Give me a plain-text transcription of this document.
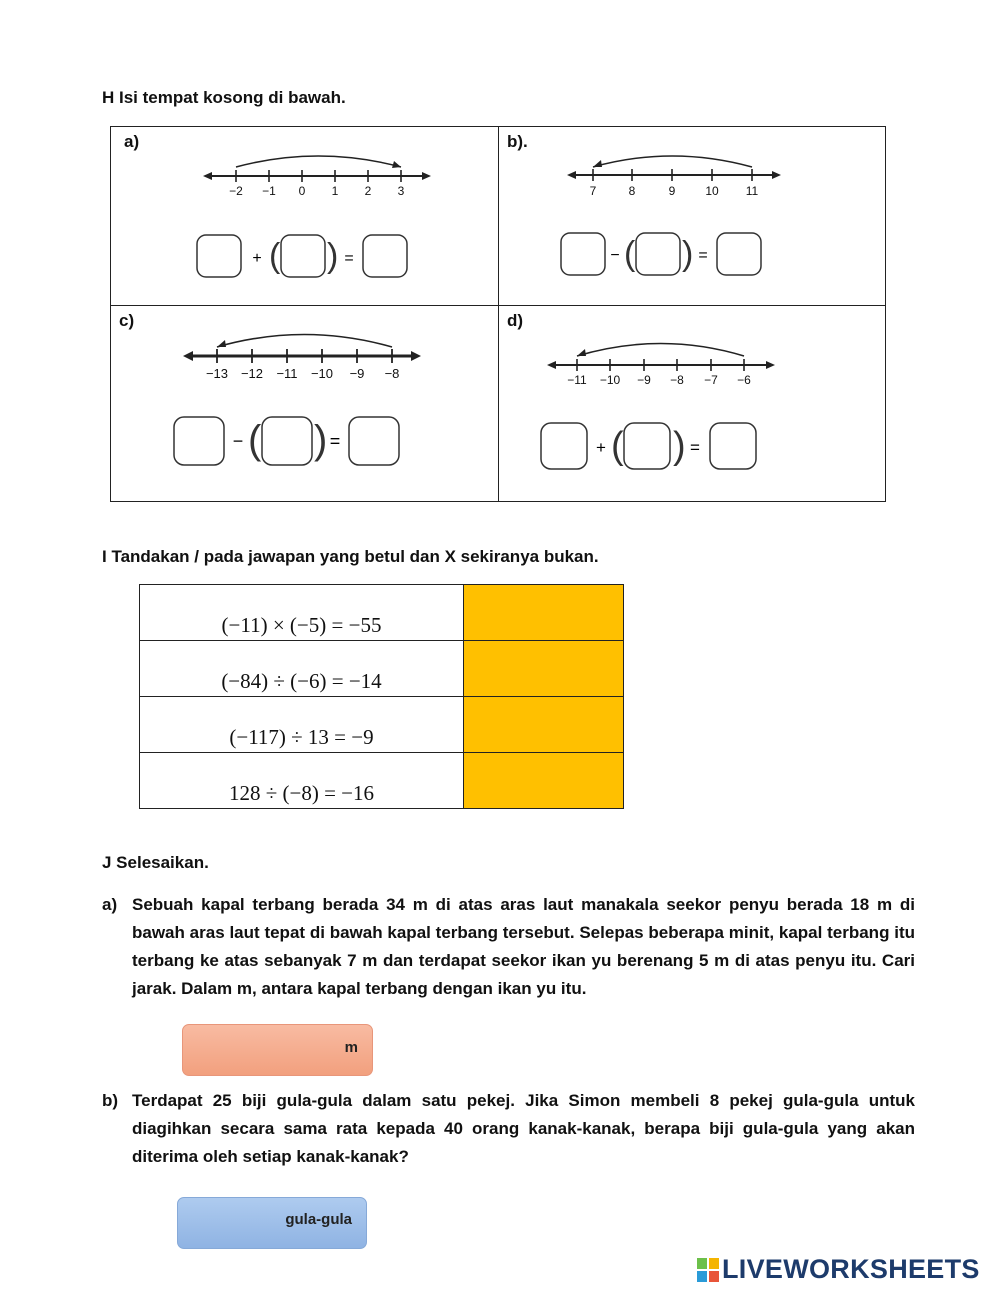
H Isi tempat kosong di bawah.
a)
−2 −1 0 1 2 3
+ ( ) =
b).
7	8	9 10 11
− ( ) =
c)
−13 −12 −11 −10 −9 −8
− ( ) =
d)
−11 −10 −9 −8 −7 −6
+ ( ) =
I Tandakan / pada jawapan yang betul dan X sekiranya bukan.
(−11) × (−5) = −55
(−84) ÷ (−6) = −14
(−117) ÷ 13 = −9
128 ÷ (−8) = −16
J Selesaikan.
a) Sebuah kapal terbang berada 34 m di atas aras laut manakala seekor penyu berada 18 m di bawah aras laut tepat di bawah kapal terbang tersebut. Selepas beberapa minit, kapal terbang itu terbang ke atas sebanyak 7 m dan terdapat seekor ikan yu berenang 5 m di atas penyu itu. Cari jarak. Dalam m, antara kapal terbang dengan ikan yu itu.
m
b) Terdapat 25 biji gula-gula dalam satu pekej. Jika Simon membeli 8 pekej gula-gula untuk diagihkan secara sama rata kepada 40 orang kanak-kanak, berapa biji gula-gula yang akan diterima oleh setiap kanak-kanak?
gula-gula
LIVEWORKSHEETS
